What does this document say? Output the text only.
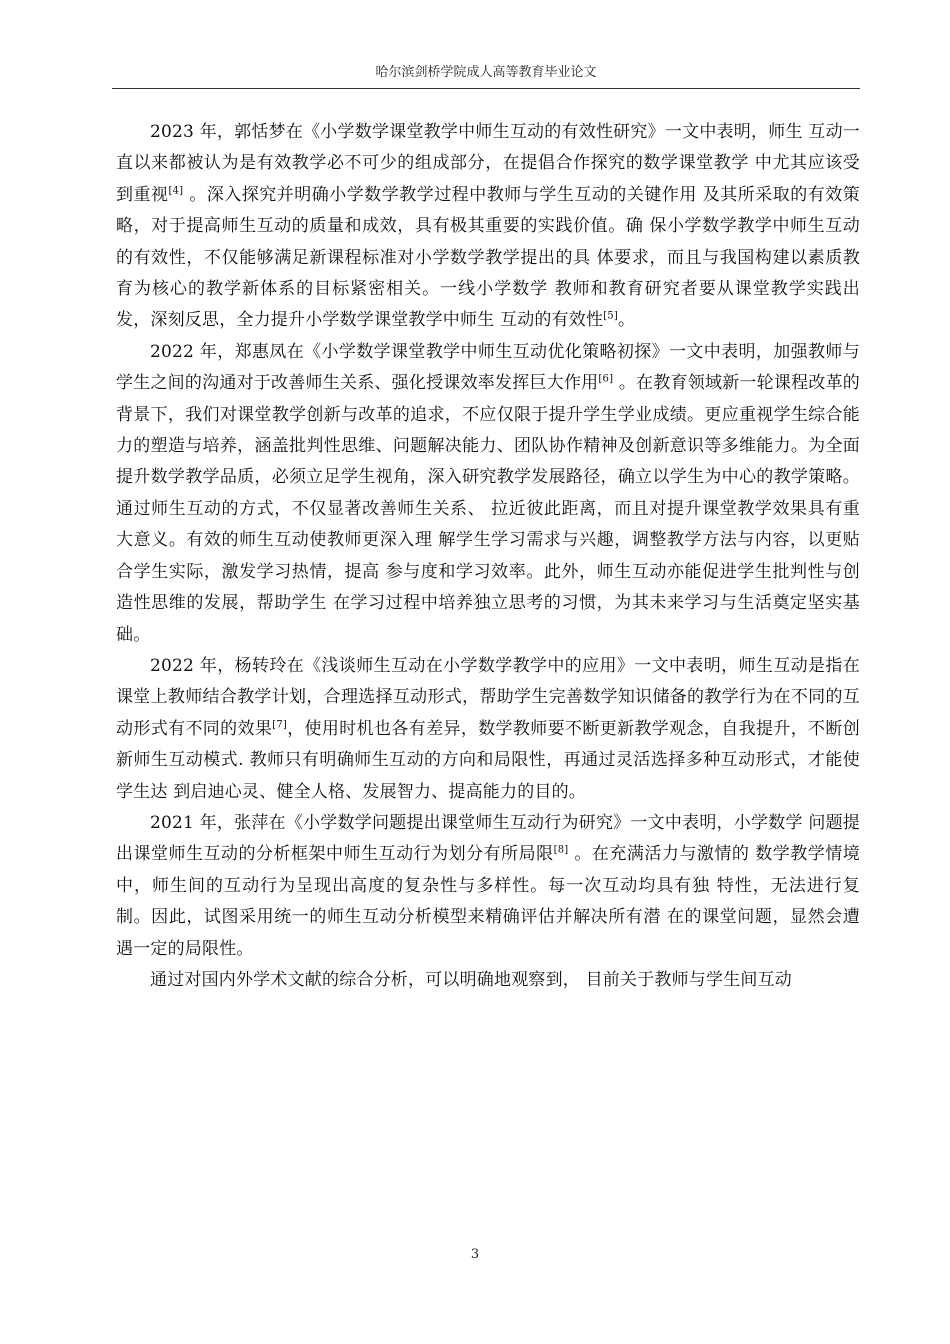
哈尔滨剑桥学院成人高等教育毕业论文

2023 年，郭恬梦在《小学数学课堂教学中师生互动的有效性研究》一文中表明，师生 互动一直以来都被认为是有效教学必不可少的组成部分，在提倡合作探究的数学课堂教学 中尤其应该受到重视[4] 。深入探究并明确小学数学教学过程中教师与学生互动的关键作用 及其所采取的有效策略，对于提高师生互动的质量和成效，具有极其重要的实践价值。确 保小学数学教学中师生互动的有效性，不仅能够满足新课程标准对小学数学教学提出的具 体要求，而且与我国构建以素质教育为核心的教学新体系的目标紧密相关。一线小学数学 教师和教育研究者要从课堂教学实践出发，深刻反思，全力提升小学数学课堂教学中师生 互动的有效性[5]。

2022 年，郑惠凤在《小学数学课堂教学中师生互动优化策略初探》一文中表明，加强教师与学生之间的沟通对于改善师生关系、强化授课效率发挥巨大作用[6] 。在教育领域新一轮课程改革的背景下，我们对课堂教学创新与改革的追求，不应仅限于提升学生学业成绩。更应重视学生综合能力的塑造与培养，涵盖批判性思维、问题解决能力、团队协作精神及创新意识等多维能力。为全面提升数学教学品质，必须立足学生视角，深入研究教学发展路径，确立以学生为中心的教学策略。通过师生互动的方式，不仅显著改善师生关系、 拉近彼此距离，而且对提升课堂教学效果具有重大意义。有效的师生互动使教师更深入理 解学生学习需求与兴趣，调整教学方法与内容，以更贴合学生实际，激发学习热情，提高 参与度和学习效率。此外，师生互动亦能促进学生批判性与创造性思维的发展，帮助学生 在学习过程中培养独立思考的习惯，为其未来学习与生活奠定坚实基础。

2022 年，杨转玲在《浅谈师生互动在小学数学教学中的应用》一文中表明，师生互动是指在课堂上教师结合教学计划，合理选择互动形式，帮助学生完善数学知识储备的教学行为在不同的互动形式有不同的效果[7]，使用时机也各有差异，数学教师要不断更新教学观念，自我提升，不断创新师生互动模式. 教师只有明确师生互动的方向和局限性，再通过灵活选择多种互动形式，才能使学生达 到启迪心灵、健全人格、发展智力、提高能力的目的。

2021 年，张萍在《小学数学问题提出课堂师生互动行为研究》一文中表明，小学数学 问题提出课堂师生互动的分析框架中师生互动行为划分有所局限[8] 。在充满活力与激情的 数学教学情境中，师生间的互动行为呈现出高度的复杂性与多样性。每一次互动均具有独 特性，无法进行复制。因此，试图采用统一的师生互动分析模型来精确评估并解决所有潜 在的课堂问题，显然会遭遇一定的局限性。

通过对国内外学术文献的综合分析，可以明确地观察到， 目前关于教师与学生间互动

3
